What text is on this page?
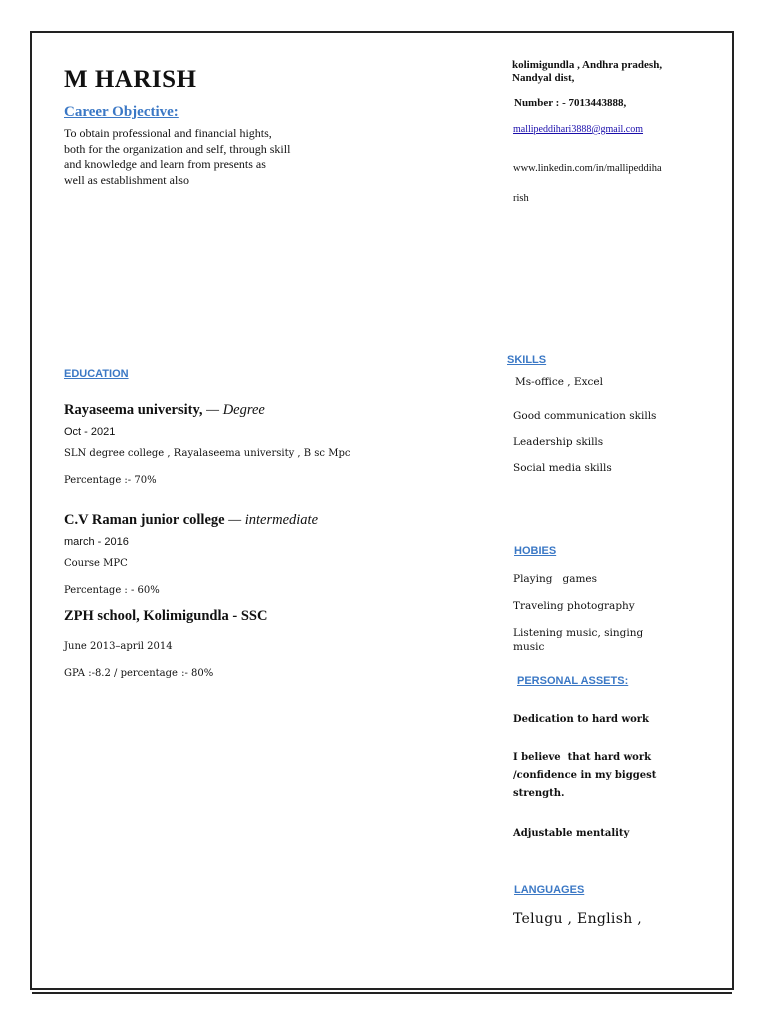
M HARISH
Career Objective:
To obtain professional and financial hights,
both for the organization and self, through skill
and knowledge and learn from presents as
well as establishment also
kolimigundla , Andhra pradesh,
Nandyal dist,
Number : - 7013443888,
mallipeddihari3888@gmail.com
www.linkedin.com/in/mallipeddiha
rish
EDUCATION
Rayaseema university, — Degree
Oct - 2021
SLN degree college , Rayalaseema university , B sc Mpc
Percentage :- 70%
C.V Raman junior college — intermediate
march - 2016
Course MPC
Percentage : - 60%
ZPH school, Kolimigundla - SSC
June 2013–april 2014
GPA :-8.2 / percentage :- 80%
SKILLS
Ms-office , Excel
Good communication skills
Leadership skills
Social media skills
HOBIES
Playing   games
Traveling photography
Listening music, singing
music
PERSONAL ASSETS:
Dedication to hard work
I believe  that hard work
/confidence in my biggest
strength.
Adjustable mentality
LANGUAGES
Telugu , English ,
